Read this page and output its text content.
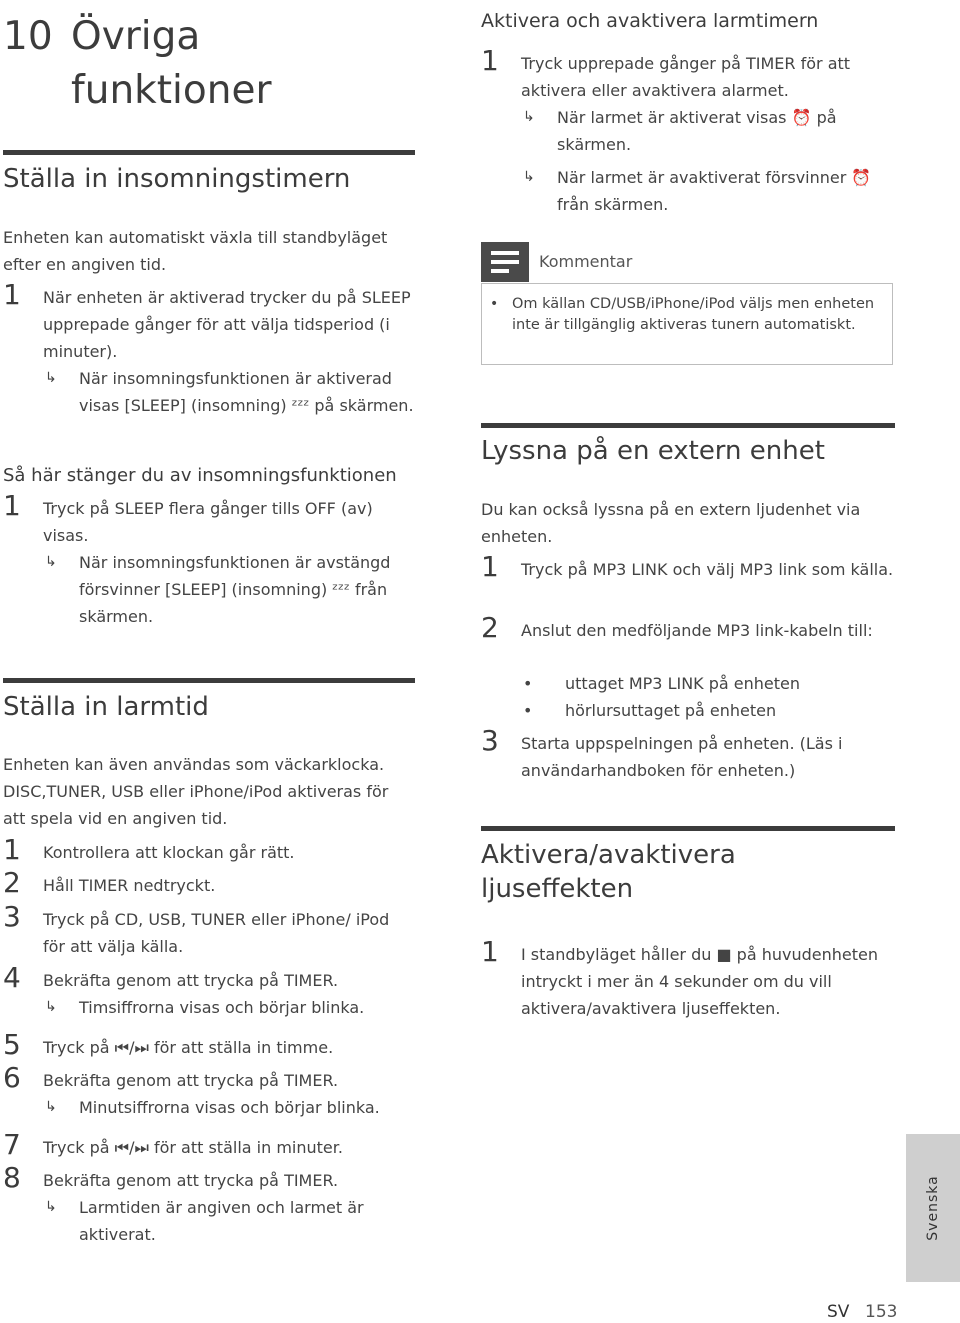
10 Övriga funktioner
Ställa in insomningstimern

Enheten kan automatiskt växla till standbyläget efter en angiven tid.

1 När enheten är aktiverad trycker du på SLEEP upprepade gånger för att välja tidsperiod (i minuter).
↳ När insomningsfunktionen är aktiverad visas [SLEEP] (insomning) ᶻᶻᶻ på skärmen.
Så här stänger du av insomningsfunktionen
1 Tryck på SLEEP flera gånger tills OFF (av) visas.
↳ När insomningsfunktionen är avstängd försvinner [SLEEP] (insomning) ᶻᶻᶻ från skärmen.
Ställa in larmtid

Enheten kan även användas som väckarklocka. DISC,TUNER, USB eller iPhone/iPod aktiveras för att spela vid en angiven tid.

1 Kontrollera att klockan går rätt.
2 Håll TIMER nedtryckt.
3 Tryck på CD, USB, TUNER eller iPhone/ iPod för att välja källa.
4 Bekräfta genom att trycka på TIMER.
↳ Timsiffrorna visas och börjar blinka.
5 Tryck på ⏮/⏭ för att ställa in timme.
6 Bekräfta genom att trycka på TIMER.
↳ Minutsiffrorna visas och börjar blinka.
7 Tryck på ⏮/⏭ för att ställa in minuter.
8 Bekräfta genom att trycka på TIMER.
↳ Larmtiden är angiven och larmet är aktiverat.
Aktivera och avaktivera larmtimern
1 Tryck upprepade gånger på TIMER för att aktivera eller avaktivera alarmet.
↳ När larmet är aktiverat visas ⏰ på skärmen.
↳ När larmet är avaktiverat försvinner ⏰ från skärmen.
Kommentar
• Om källan CD/USB/iPhone/iPod väljs men enheten inte är tillgänglig aktiveras tunern automatiskt.
Lyssna på en extern enhet

Du kan också lyssna på en extern ljudenhet via enheten.

1 Tryck på MP3 LINK och välj MP3 link som källa.
2 Anslut den medföljande MP3 link-kabeln till:
• uttaget MP3 LINK på enheten
• hörlursuttaget på enheten
3 Starta uppspelningen på enheten. (Läs i användarhandboken för enheten.)
Aktivera/avaktivera ljuseffekten
1 I standbyläget håller du ■ på huvudenheten intryckt i mer än 4 sekunder om du vill aktivera/avaktivera ljuseffekten.
Svenska
SV 153
